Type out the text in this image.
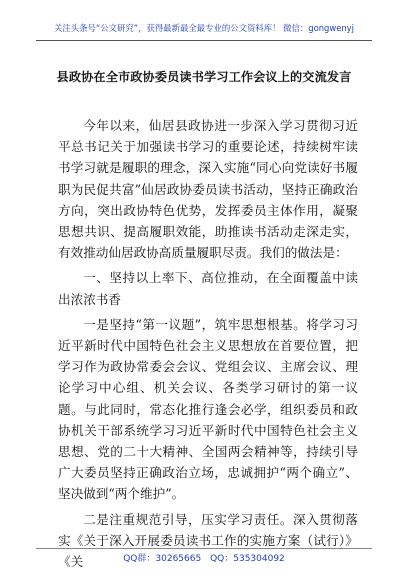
关注头条号“公文研究”，获得最新最全最专业的公文资料库！ 微信：gongwenyj
县政协在全市政协委员读书学习工作会议上的交流发言

今年以来，仙居县政协进一步深入学习贯彻习近平总书记关于加强读书学习的重要论述，持续树牢读书学习就是履职的理念，深入实施“同心向党读好书履职为民促共富”仙居政协委员读书活动，坚持正确政治方向，突出政协特色优势，发挥委员主体作用，凝聚思想共识、提高履职效能，助推读书活动走深走实，有效推动仙居政协高质量履职尽责。我们的做法是：

一、坚持以上率下、高位推动，在全面覆盖中读出浓浓书香

一是坚持“第一议题”，筑牢思想根基。将学习习近平新时代中国特色社会主义思想放在首要位置，把学习作为政协常委会会议、党组会议、主席会议、理论学习中心组、机关会议、各类学习研讨的第一议题。与此同时，常态化推行逢会必学，组织委员和政协机关干部系统学习习近平新时代中国特色社会主义思想、党的二十大精神、全国两会精神等，持续引导广大委员坚持正确政治立场，忠诚拥护“两个确立”、坚决做到“两个维护”。

二是注重规范引导，压实学习责任。深入贯彻落实《关于深入开展委员读书工作的实施方案（试行）》《关	QQ群：30265665 QQ：535304092
